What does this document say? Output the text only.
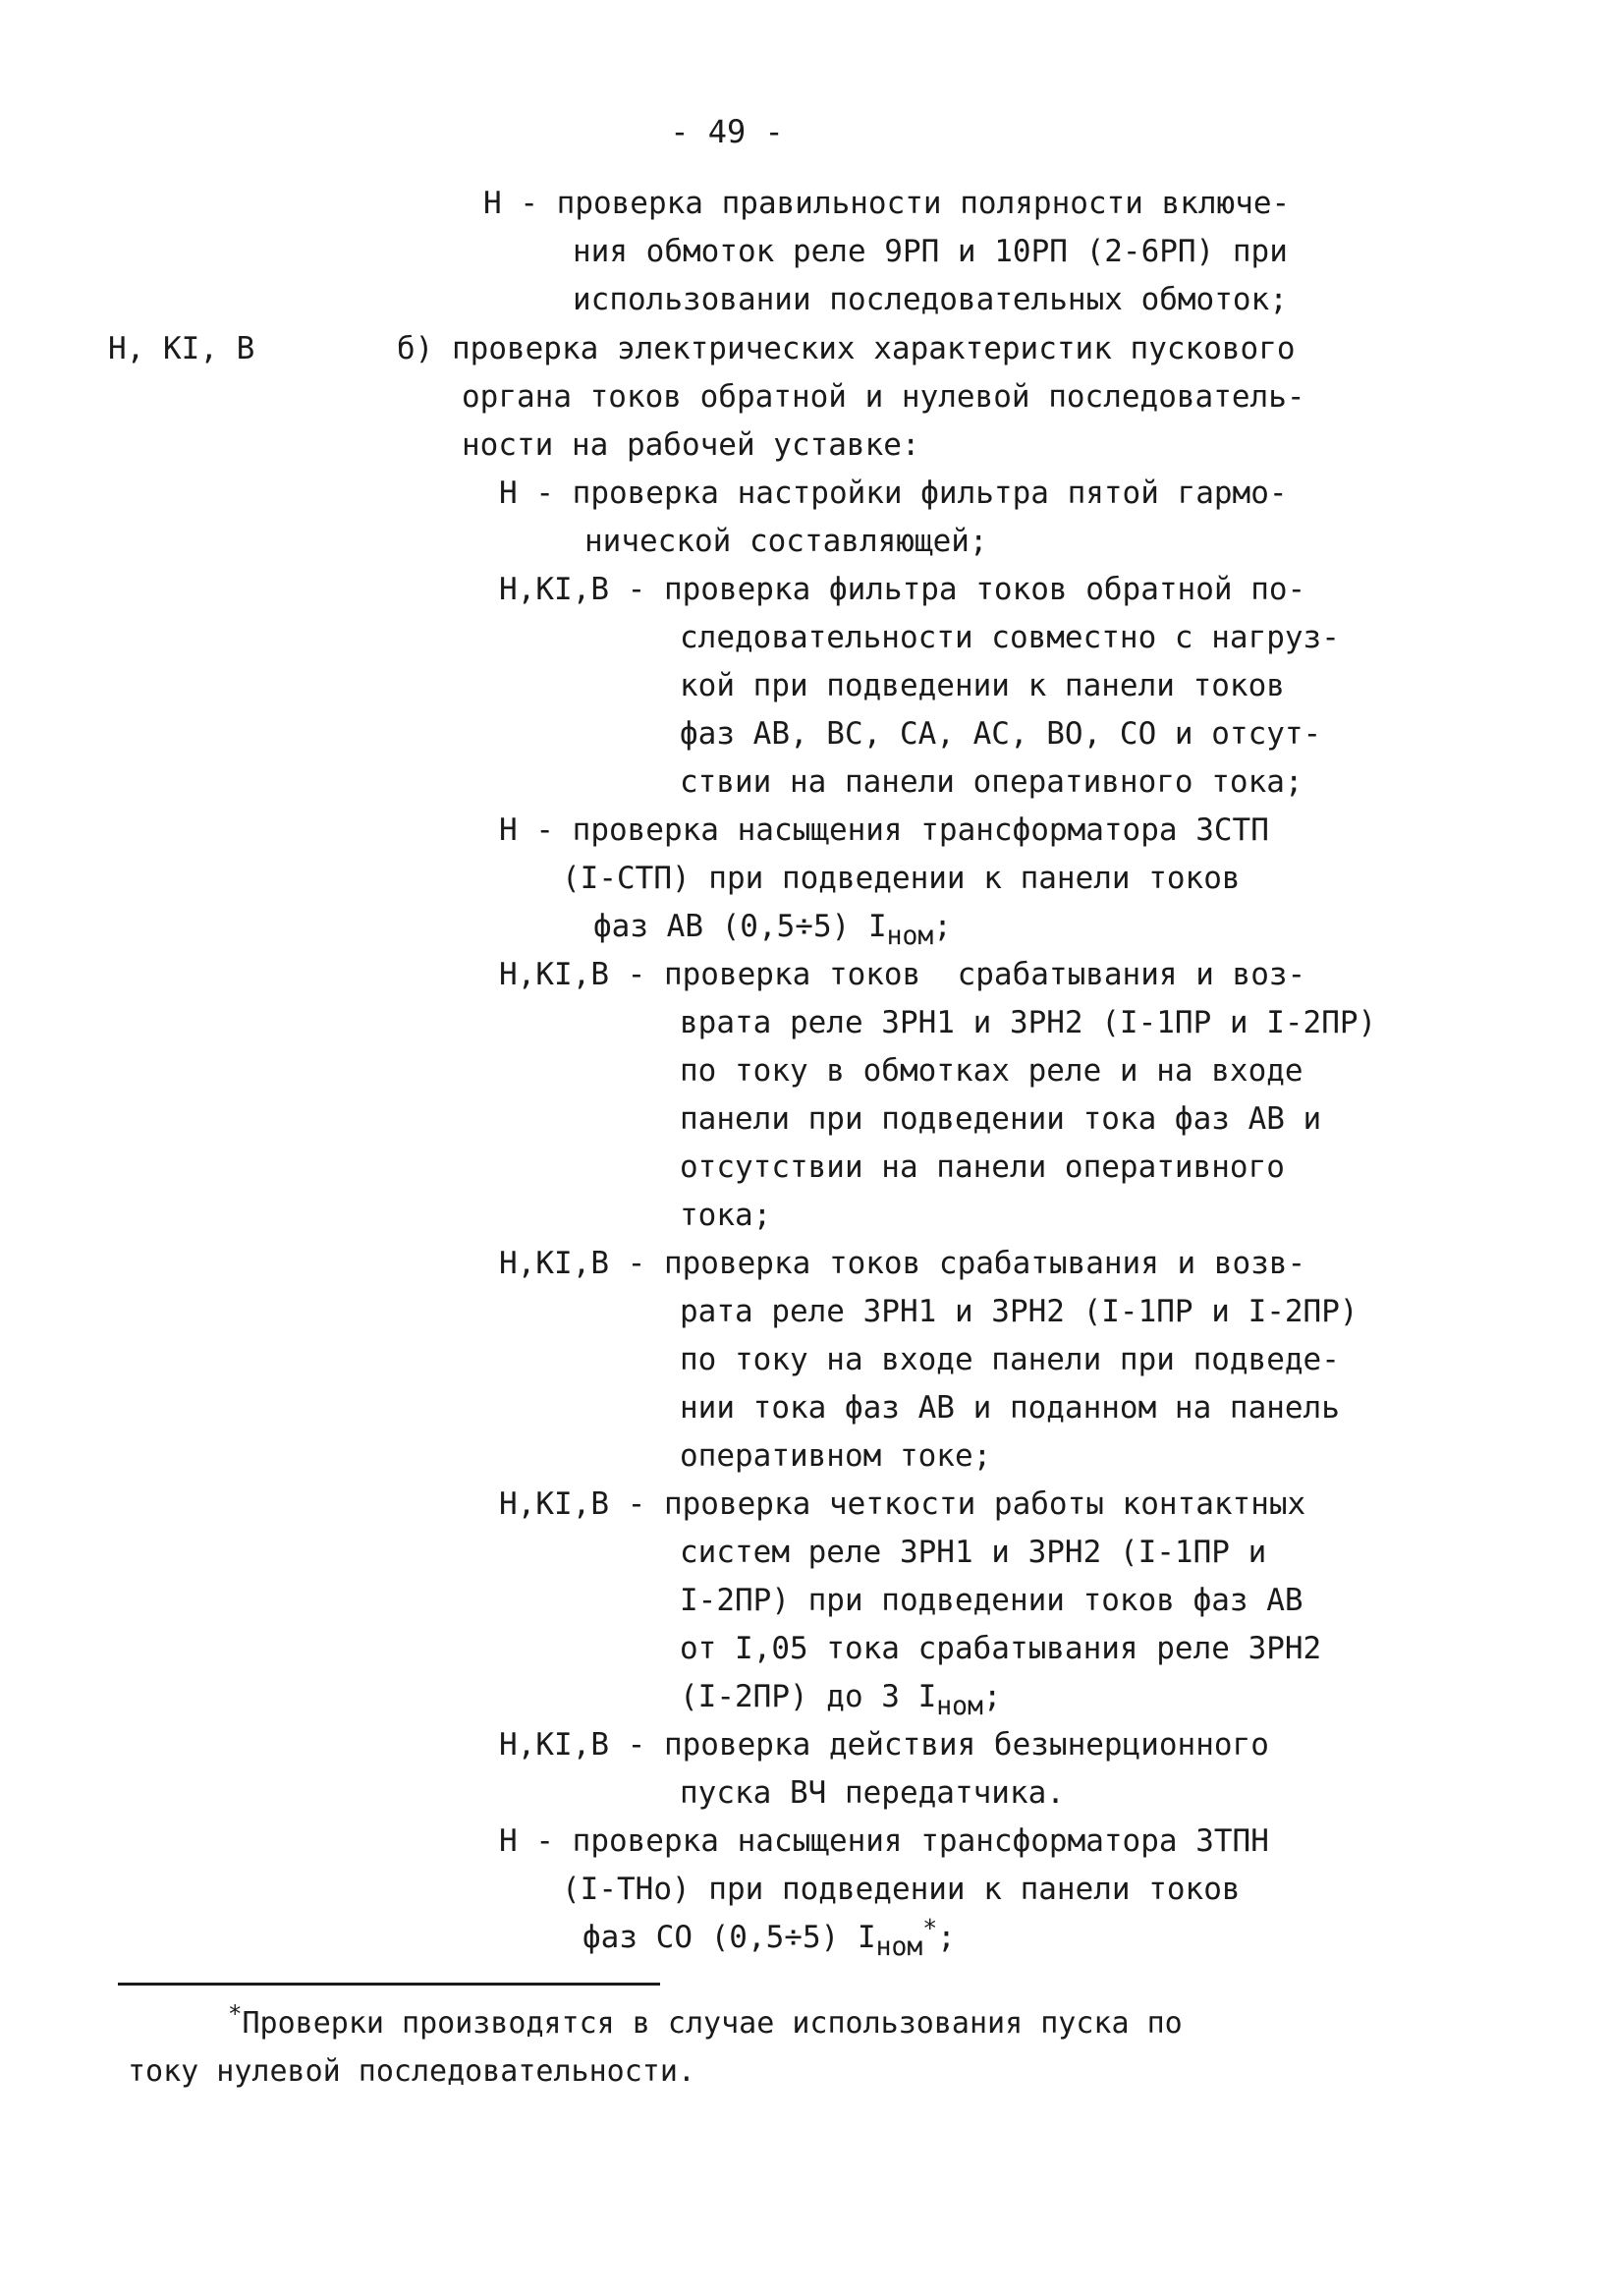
- 49 -
Н - проверка правильности полярности включе-
ния обмоток реле 9РП и 10РП (2-6РП) при
использовании последовательных обмоток;
Н, КI, В	б) проверка электрических характеристик пускового
органа токов обратной и нулевой последователь-
ности на рабочей уставке:
Н - проверка настройки фильтра пятой гармо-
нической составляющей;
Н,КI,В - проверка фильтра токов обратной по-
следовательности совместно с нагруз-
кой при подведении к панели токов
фаз АВ, ВС, СА, АС, ВО, СО и отсут-
ствии на панели оперативного тока;
Н - проверка насыщения трансформатора 3СТП
(I-СТП) при подведении к панели токов
фаз АВ (0,5÷5) Iном;
Н,КI,В - проверка токов  срабатывания и воз-
врата реле 3РН1 и 3РН2 (I-1ПР и I-2ПР)
по току в обмотках реле и на входе
панели при подведении тока фаз АВ и
отсутствии на панели оперативного
тока;
Н,КI,В - проверка токов срабатывания и возв-
рата реле 3РН1 и 3РН2 (I-1ПР и I-2ПР)
по току на входе панели при подведе-
нии тока фаз АВ и поданном на панель
оперативном токе;
Н,КI,В - проверка четкости работы контактных
систем реле 3РН1 и 3РН2 (I-1ПР и
I-2ПР) при подведении токов фаз АВ
от I,05 тока срабатывания реле 3РН2
(I-2ПР) до 3 Iном;
Н,КI,В - проверка действия безынерционного
пуска ВЧ передатчика.
Н - проверка насыщения трансформатора 3ТПН
(I-ТНо) при подведении к панели токов
фаз СО (0,5÷5) Iном*;
*Проверки производятся в случае использования пуска по
току нулевой последовательности.
